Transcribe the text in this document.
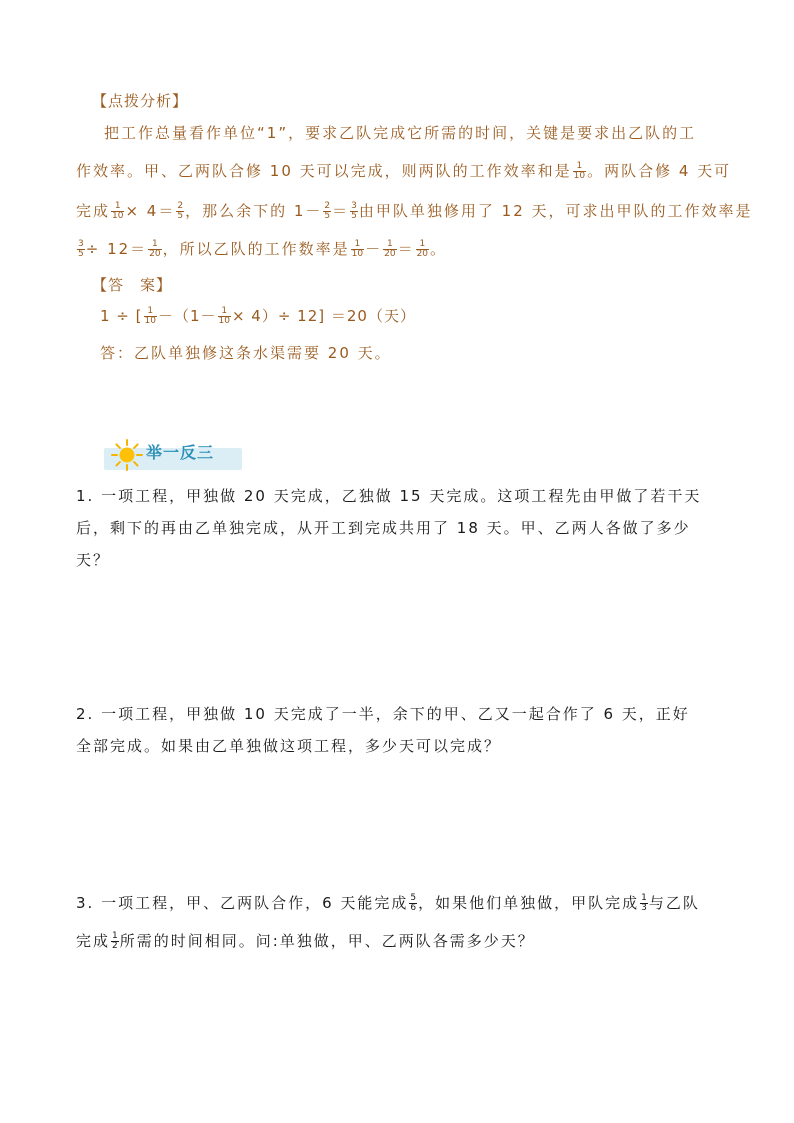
【点拨分析】
把工作总量看作单位“1”，要求乙队完成它所需的时间，关键是要求出乙队的工
作效率。甲、乙两队合修 10 天可以完成，则两队的工作效率和是 $\frac{1}{10}$ 。两队合修 4 天可
完成 $\frac{1}{10} \times 4= \frac{2}{5}$ ，那么余下的 $1- \frac{2}{5} = \frac{3}{5}$ 由甲队单独修用了 12 天，可求出甲队的工作效率是
$\frac{3}{5} \div 12= \frac{1}{20}$ ，所以乙队的工作数率是 $\frac{1}{10} - \frac{1}{20} = \frac{1}{20}$ 。
【答　案】
1 ÷ [ $\frac{1}{10} -(1- \frac{1}{10} \times 4)\div 12] =20$（天）
答：乙队单独修这条水渠需要 20 天。
举一反三
1. 一项工程，甲独做 20 天完成，乙独做 15 天完成。这项工程先由甲做了若干天
后，剩下的再由乙单独完成，从开工到完成共用了 18 天。甲、乙两人各做了多少
天？
2. 一项工程，甲独做 10 天完成了一半，余下的甲、乙又一起合作了 6 天，正好
全部完成。如果由乙单独做这项工程，多少天可以完成？
3. 一项工程，甲、乙两队合作，6 天能完成 $\frac{5}{6}$ ，如果他们单独做，甲队完成 $\frac{1}{3}$ 与乙队
完成 $\frac{1}{2}$ 所需的时间相同。问:单独做，甲、乙两队各需多少天？
